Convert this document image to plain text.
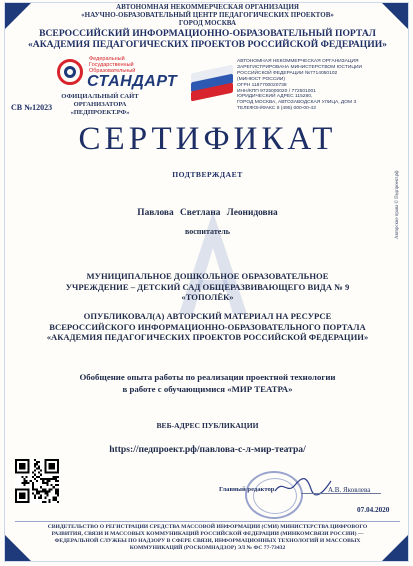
АВТОНОМНАЯ НЕКОММЕРЧЕСКАЯ ОРГАНИЗАЦИЯ
«НАУЧНО-ОБРАЗОВАТЕЛЬНЫЙ ЦЕНТР ПЕДАГОГИЧЕСКИХ ПРОЕКТОВ»
ГОРОД МОСКВА
ВСЕРОССИЙСКИЙ ИНФОРМАЦИОННО-ОБРАЗОВАТЕЛЬНЫЙ ПОРТАЛ
«АКАДЕМИЯ ПЕДАГОГИЧЕСКИХ ПРОЕКТОВ РОССИЙСКОЙ ФЕДЕРАЦИИ»
Федеральный Государственный Образовательный
СТАНДАРТ
ОФИЦИАЛЬНЫЙ САЙТ
ОРГАНИЗАТОРА
«ПЕДПРОЕКТ.РФ»
СВ №12023
АВТОНОМНАЯ НЕКОММЕРЧЕСКАЯ ОРГАНИЗАЦИЯ
ЗАРЕГИСТРИРОВАНА МИНИСТЕРСТВОМ ЮСТИЦИИ
РОССИЙСКОЙ ФЕДЕРАЦИИ №7714050102
(МИНЮСТ РОССИИ)
ОГРН 1187700020738
ИНН/КПП 9725000020 / 772501001
ЮРИДИЧЕСКИЙ АДРЕС 115280,
ГОРОД МОСКВА, АВТОЗАВОДСКАЯ УЛИЦА, ДОМ 3
ТЕЛЕФОН/ФАКС 8 (495) 000-00-43
СЕРТИФИКАТ
ПОДТВЕРЖДАЕТ
Павлова Светлана Леонидовна
воспитатель
МУНИЦИПАЛЬНОЕ ДОШКОЛЬНОЕ ОБРАЗОВАТЕЛЬНОЕ
УЧРЕЖДЕНИЕ – ДЕТСКИЙ САД ОБЩЕРАЗВИВАЮЩЕГО ВИДА № 9
«ТОПОЛЁК»
ОПУБЛИКОВАЛ(А) АВТОРСКИЙ МАТЕРИАЛ НА РЕСУРСЕ
ВСЕРОССИЙСКОГО ИНФОРМАЦИОННО-ОБРАЗОВАТЕЛЬНОГО ПОРТАЛА
«АКАДЕМИЯ ПЕДАГОГИЧЕСКИХ ПРОЕКТОВ РОССИЙСКОЙ ФЕДЕРАЦИИ»
Обобщение опыта работы по реализации проектной технологии
в работе с обучающимися «МИР ТЕАТРА»
ВЕБ-АДРЕС ПУБЛИКАЦИИ
https://педпроект.рф/павлова-с-л-мир-театра/
Авторские права © Педпроект.рф
Главный редактор	А.В. Яковлева
07.04.2020
СВИДЕТЕЛЬСТВО О РЕГИСТРАЦИИ СРЕДСТВА МАССОВОЙ ИНФОРМАЦИИ (СМИ) МИНИСТЕРСТВА ЦИФРОВОГО
РАЗВИТИЯ, СВЯЗИ И МАССОВЫХ КОММУНИКАЦИЙ РОССИЙСКОЙ ФЕДЕРАЦИИ (МИНКОМСВЯЗИ РОССИИ) —
ФЕДЕРАЛЬНОЙ СЛУЖБЫ ПО НАДЗОРУ В СФЕРЕ СВЯЗИ, ИНФОРМАЦИОННЫХ ТЕХНОЛОГИЙ И МАССОВЫХ
КОММУНИКАЦИЙ (РОСКОМНАДЗОР) ЭЛ № ФС 77-73432
